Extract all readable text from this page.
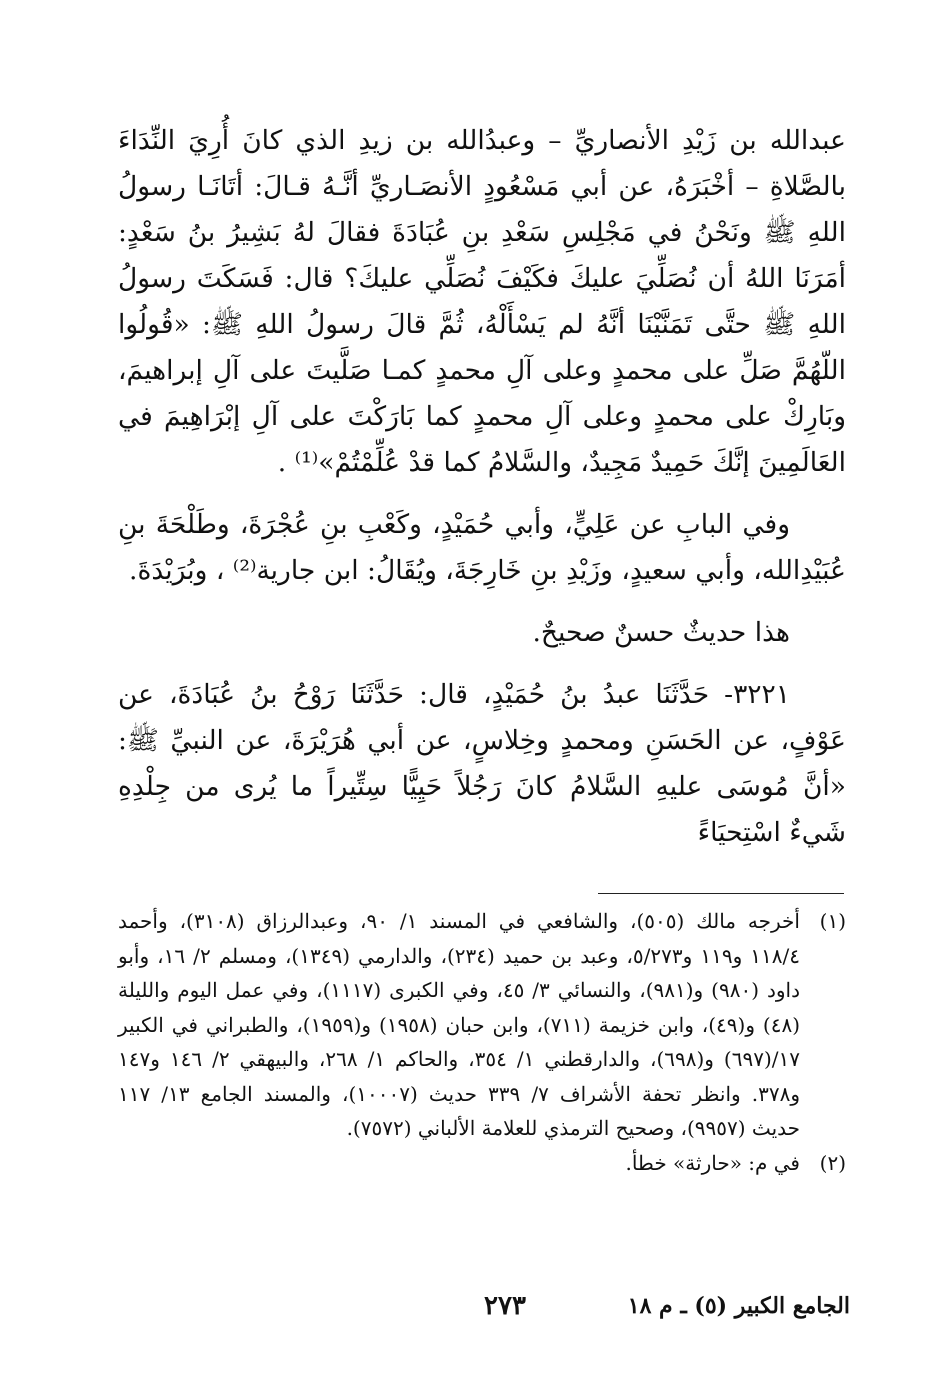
عبدالله بن زَيْدِ الأنصاريِّ – وعبدُالله بن زيدِ الذي كانَ أُرِيَ النِّدَاءَ بالصَّلاةِ – أخْبَرَهُ، عن أبي مَسْعُودٍ الأنصَـاريِّ أنَّـهُ قـالَ: أتَانَـا رسولُ اللهِ ﷺ ونَحْنُ في مَجْلِسِ سَعْدِ بنِ عُبَادَةَ فقالَ لهُ بَشِيرُ بنُ سَعْدٍ: أمَرَنَا اللهُ أن نُصَلِّيَ عليكَ فكَيْفَ نُصَلِّي عليكَ؟ قال: فَسَكَتَ رسولُ اللهِ ﷺ حتَّى تَمَنَّيْنَا أنَّهُ لم يَسْأَلْهُ، ثُمَّ قالَ رسولُ اللهِ ﷺ: «قُولُوا اللّهُمَّ صَلِّ على محمدٍ وعلى آلِ محمدٍ كمـا صَلَّيتَ على آلِ إبراهيمَ، وبَارِكْ على محمدٍ وعلى آلِ محمدٍ كما بَارَكْتَ على آلِ إبْرَاهِيمَ في العَالَمِينَ إنَّكَ حَمِيدٌ مَجِيدٌ، والسَّلامُ كما قدْ عُلِّمْتُمْ»⁽¹⁾ .

وفي البابِ عن عَلِيٍّ، وأبي حُمَيْدٍ، وكَعْبِ بنِ عُجْرَةَ، وطَلْحَةَ بنِ عُبَيْدِالله، وأبي سعيدٍ، وزَيْدِ بنِ خَارِجَةَ، ويُقَالُ: ابن جارية⁽²⁾ ، وبُرَيْدَةَ.

هذا حديثٌ حسنٌ صحيحٌ.

٣٢٢١- حَدَّثَنَا عبدُ بنُ حُمَيْدٍ، قال: حَدَّثَنَا رَوْحُ بنُ عُبَادَةَ، عن عَوْفٍ، عن الحَسَنِ ومحمدٍ وخِلاسٍ، عن أبي هُرَيْرَةَ، عن النبيِّ ﷺ: «أنَّ مُوسَى عليهِ السَّلامُ كانَ رَجُلاً حَيِيًّا سِتِّيراً ما يُرى من جِلْدِهِ شَيءٌ اسْتِحيَاءً

(١)
أخرجه مالك (٥٠٥)، والشافعي في المسند ١/ ٩٠، وعبدالرزاق (٣١٠٨)، وأحمد ١١٨/٤ و١١٩ و٥/٢٧٣، وعبد بن حميد (٢٣٤)، والدارمي (١٣٤٩)، ومسلم ٢/ ١٦، وأبو داود (٩٨٠) و(٩٨١)، والنسائي ٣/ ٤٥، وفي الكبرى (١١١٧)، وفي عمل اليوم والليلة (٤٨) و(٤٩)، وابن خزيمة (٧١١)، وابن حبان (١٩٥٨) و(١٩٥٩)، والطبراني في الكبير ١٧/(٦٩٧) و(٦٩٨)، والدارقطني ١/ ٣٥٤، والحاكم ١/ ٢٦٨، والبيهقي ٢/ ١٤٦ و١٤٧ و٣٧٨. وانظر تحفة الأشراف ٧/ ٣٣٩ حديث (١٠٠٠٧)، والمسند الجامع ١٣/ ١١٧ حديث (٩٩٥٧)، وصحيح الترمذي للعلامة الألباني (٧٥٧٢).
(٢)
في م: «حارثة» خطأ.
الجامع الكبير (٥) ـ م ١٨
٢٧٣
